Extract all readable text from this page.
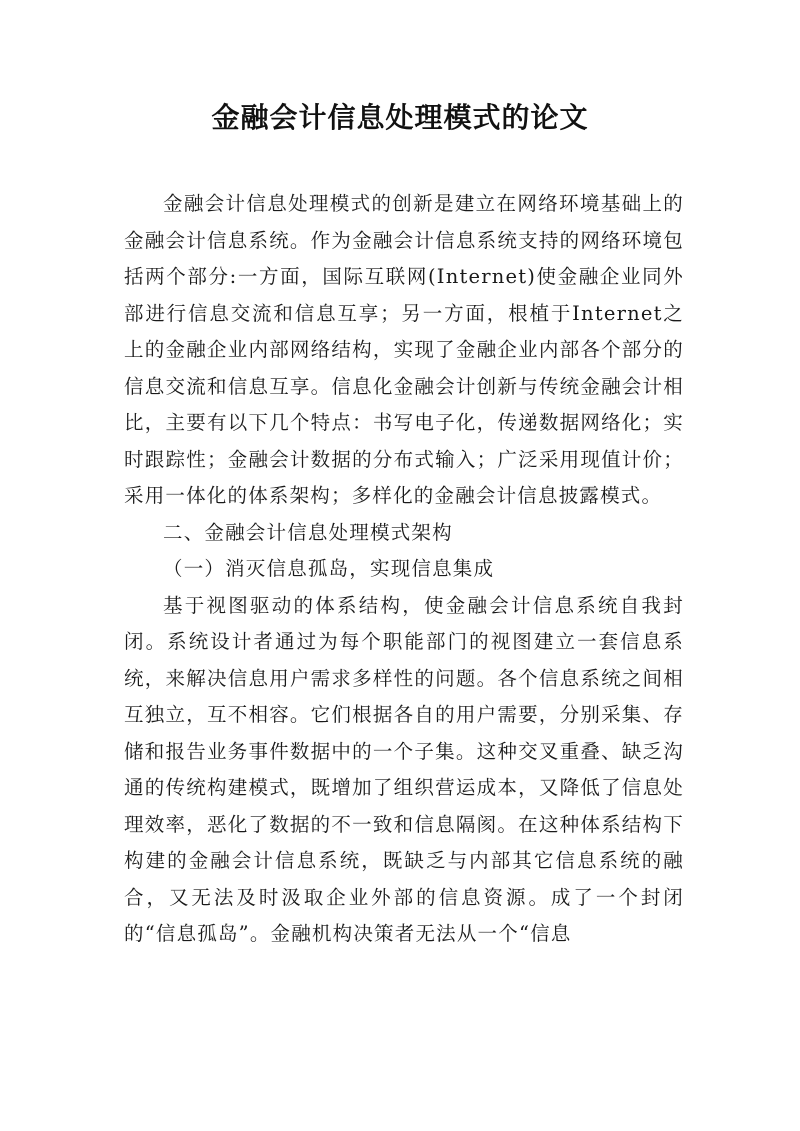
金融会计信息处理模式的论文

金融会计信息处理模式的创新是建立在网络环境基础上的金融会计信息系统。作为金融会计信息系统支持的网络环境包括两个部分:一方面，国际互联网(Internet)使金融企业同外部进行信息交流和信息互享；另一方面，根植于Internet之上的金融企业内部网络结构，实现了金融企业内部各个部分的信息交流和信息互享。信息化金融会计创新与传统金融会计相比，主要有以下几个特点：书写电子化，传递数据网络化；实时跟踪性；金融会计数据的分布式输入；广泛采用现值计价；采用一体化的体系架构；多样化的金融会计信息披露模式。

二、金融会计信息处理模式架构

（一）消灭信息孤岛，实现信息集成

基于视图驱动的体系结构，使金融会计信息系统自我封闭。系统设计者通过为每个职能部门的视图建立一套信息系统，来解决信息用户需求多样性的问题。各个信息系统之间相互独立，互不相容。它们根据各自的用户需要，分别采集、存储和报告业务事件数据中的一个子集。这种交叉重叠、缺乏沟通的传统构建模式，既增加了组织营运成本，又降低了信息处理效率，恶化了数据的不一致和信息隔阂。在这种体系结构下构建的金融会计信息系统，既缺乏与内部其它信息系统的融合，又无法及时汲取企业外部的信息资源。成了一个封闭的“信息孤岛”。金融机构决策者无法从一个“信息
